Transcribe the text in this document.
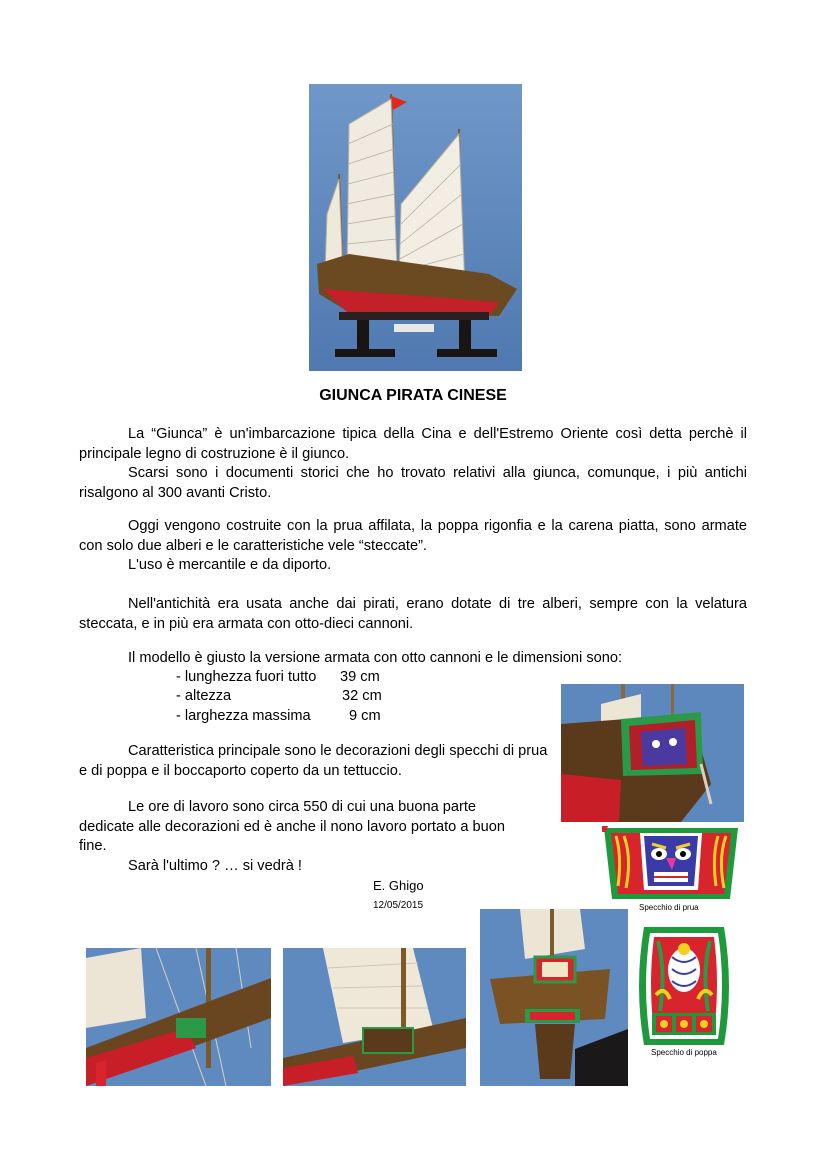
GIUNCA PIRATA CINESE

La “Giunca” è un'imbarcazione tipica della Cina e dell'Estremo Oriente così detta perchè il principale legno di costruzione è il giunco.

Scarsi sono i documenti storici che ho trovato relativi alla giunca, comunque, i più antichi risalgono al 300 avanti Cristo.

Oggi vengono costruite con la prua affilata, la poppa rigonfia e la carena piatta, sono armate con solo due alberi e le caratteristiche vele “steccate”.

L'uso è mercantile e da diporto.

Nell'antichità era usata anche dai pirati, erano dotate di tre alberi, sempre con la velatura steccata, e in più era armata con otto-dieci cannoni.

Il modello è giusto la versione armata con otto cannoni e le dimensioni sono:

- lunghezza fuori tutto 39 cm
- altezza	32 cm
- larghezza massima	9 cm

Caratteristica principale sono le decorazioni degli specchi di prua e di poppa e il boccaporto coperto da un tettuccio.

Le ore di lavoro sono circa 550 di cui una buona parte dedicate alle decorazioni ed è anche il nono lavoro portato a buon fine.

Sarà l'ultimo ? … si vedrà !

E. Ghigo
12/05/2015	Specchio di prua
Specchio di poppa
